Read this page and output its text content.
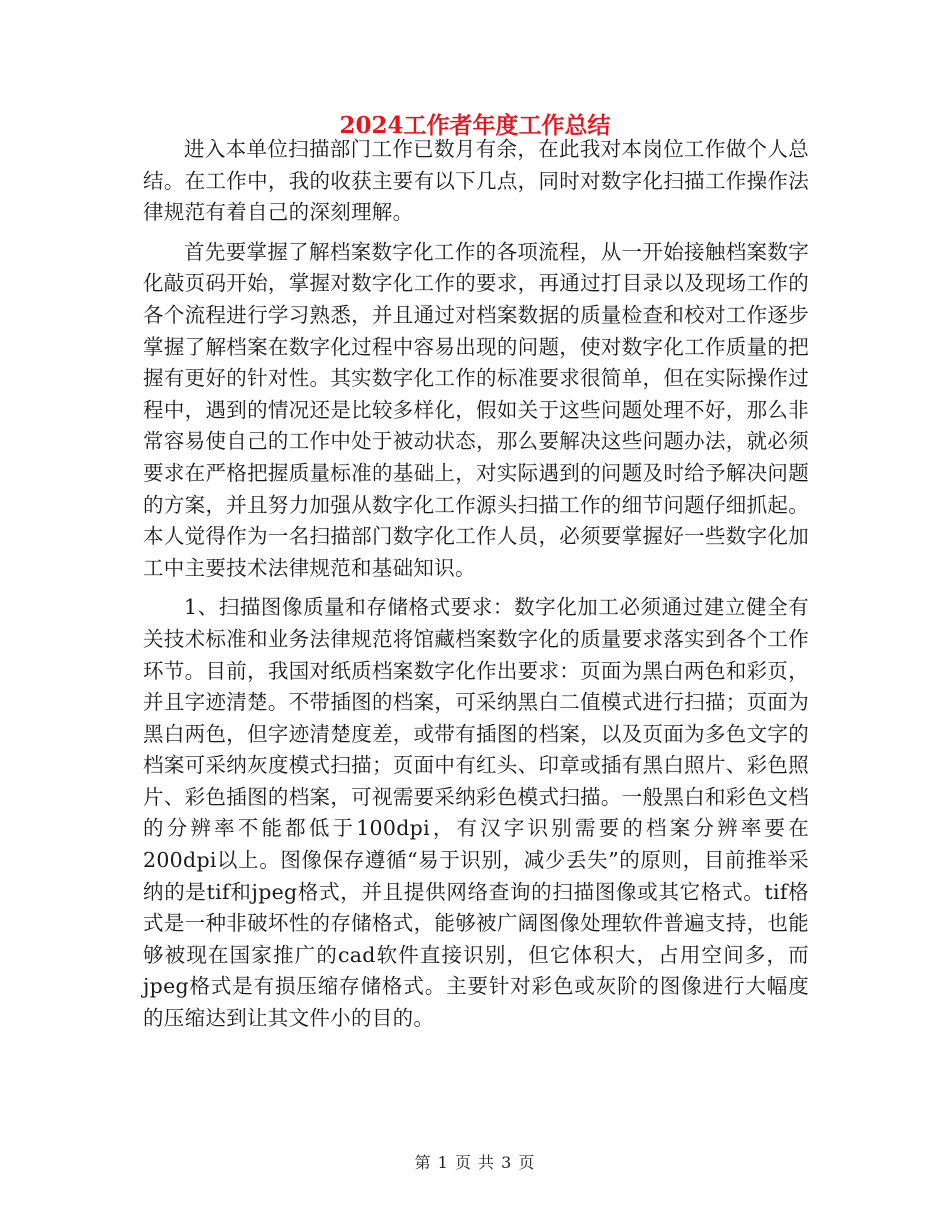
2024工作者年度工作总结

进入本单位扫描部门工作已数月有余，在此我对本岗位工作做个人总结。在工作中，我的收获主要有以下几点，同时对数字化扫描工作操作法律规范有着自己的深刻理解。

首先要掌握了解档案数字化工作的各项流程，从一开始接触档案数字化敲页码开始，掌握对数字化工作的要求，再通过打目录以及现场工作的各个流程进行学习熟悉，并且通过对档案数据的质量检查和校对工作逐步掌握了解档案在数字化过程中容易出现的问题，使对数字化工作质量的把握有更好的针对性。其实数字化工作的标准要求很简单，但在实际操作过程中，遇到的情况还是比较多样化，假如关于这些问题处理不好，那么非常容易使自己的工作中处于被动状态，那么要解决这些问题办法，就必须要求在严格把握质量标准的基础上，对实际遇到的问题及时给予解决问题的方案，并且努力加强从数字化工作源头扫描工作的细节问题仔细抓起。本人觉得作为一名扫描部门数字化工作人员，必须要掌握好一些数字化加工中主要技术法律规范和基础知识。

1、扫描图像质量和存储格式要求：数字化加工必须通过建立健全有关技术标准和业务法律规范将馆藏档案数字化的质量要求落实到各个工作环节。目前，我国对纸质档案数字化作出要求：页面为黑白两色和彩页，并且字迹清楚。不带插图的档案，可采纳黑白二值模式进行扫描；页面为黑白两色，但字迹清楚度差，或带有插图的档案，以及页面为多色文字的档案可采纳灰度模式扫描；页面中有红头、印章或插有黑白照片、彩色照片、彩色插图的档案，可视需要采纳彩色模式扫描。一般黑白和彩色文档的分辨率不能都低于100dpi，有汉字识别需要的档案分辨率要在200dpi以上。图像保存遵循“易于识别，减少丢失”的原则，目前推举采纳的是tif和jpeg格式，并且提供网络查询的扫描图像或其它格式。tif格式是一种非破坏性的存储格式，能够被广阔图像处理软件普遍支持，也能够被现在国家推广的cad软件直接识别，但它体积大，占用空间多，而jpeg格式是有损压缩存储格式。主要针对彩色或灰阶的图像进行大幅度的压缩达到让其文件小的目的。

第 1 页 共 3 页
